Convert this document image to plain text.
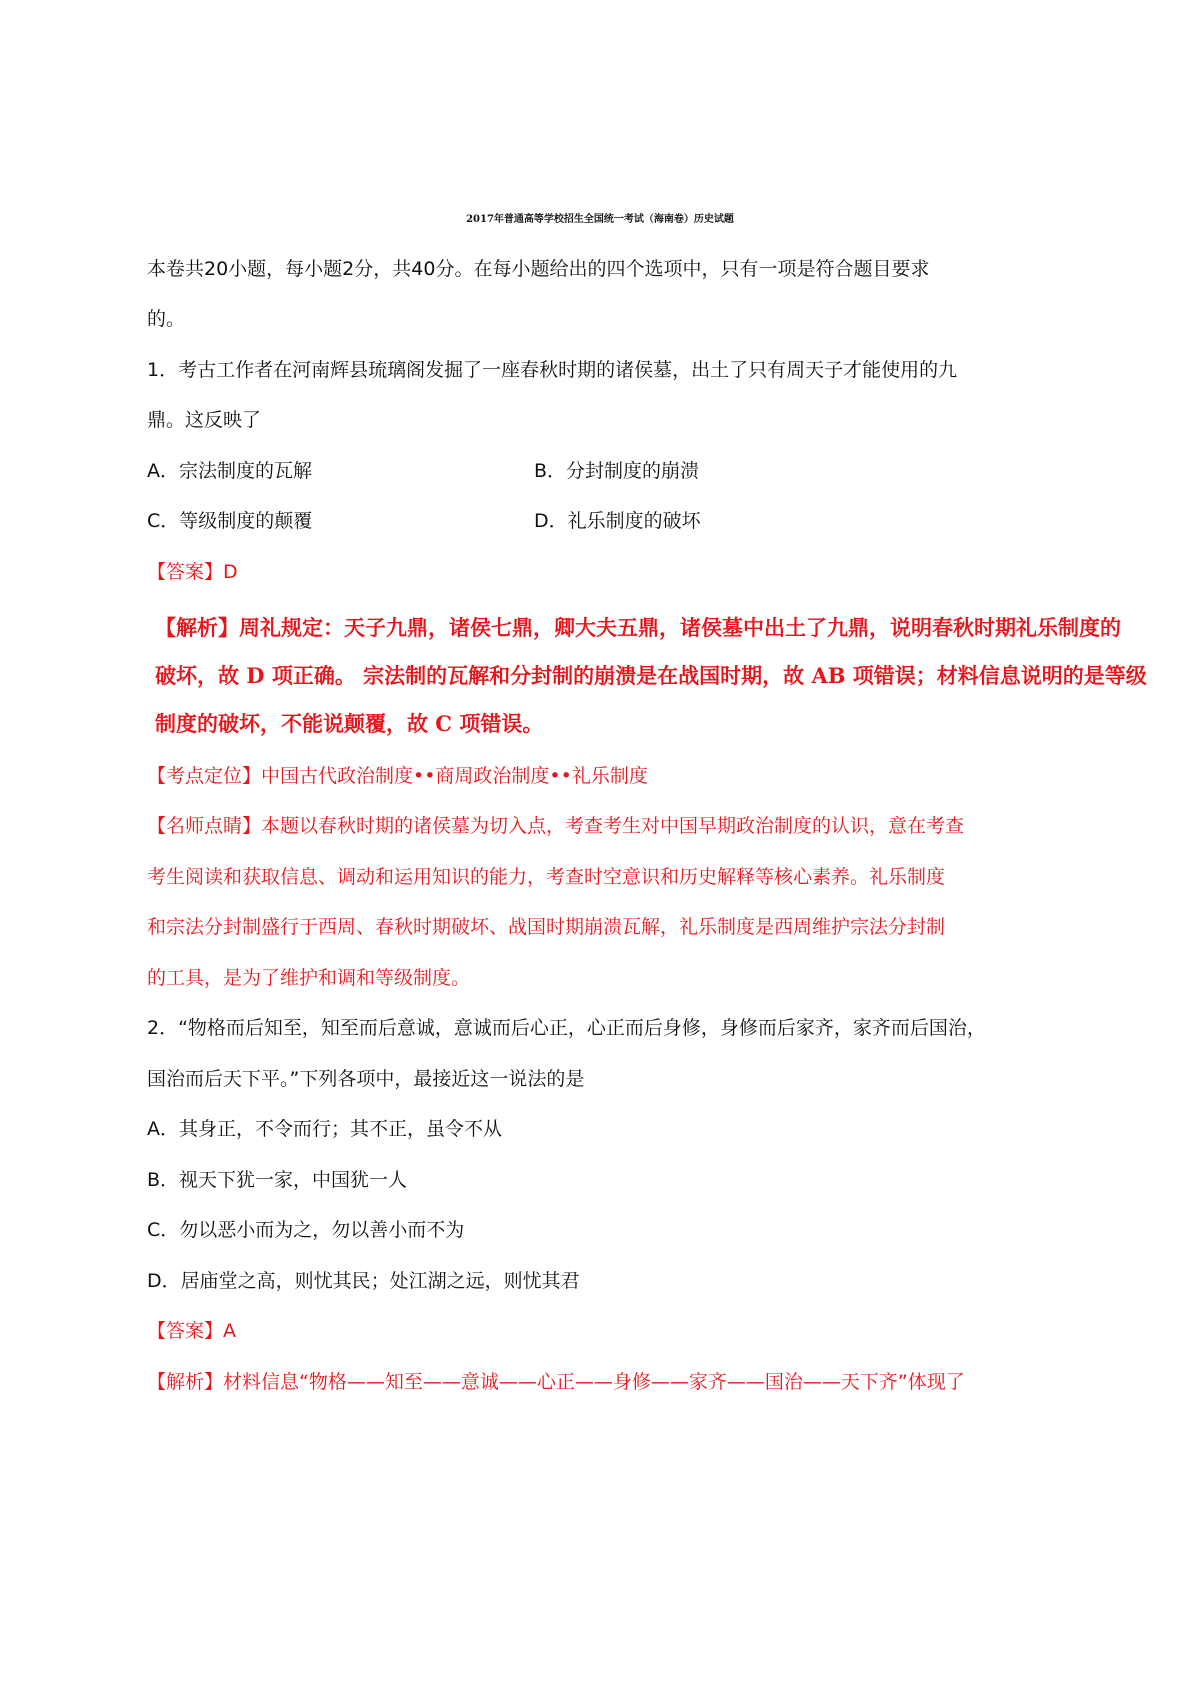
2017年普通高等学校招生全国统一考试（海南卷）历史试题
本卷共20小题，每小题2分，共40分。在每小题给出的四个选项中，只有一项是符合题目要求
的。
1．考古工作者在河南辉县琉璃阁发掘了一座春秋时期的诸侯墓，出土了只有周天子才能使用的九
鼎。这反映了
A．宗法制度的瓦解	B．分封制度的崩溃
C．等级制度的颠覆	D．礼乐制度的破坏
【答案】D
【解析】周礼规定：天子九鼎，诸侯七鼎，卿大夫五鼎，诸侯墓中出土了九鼎，说明春秋时期礼乐制度的
破坏，故 D 项正确。 宗法制的瓦解和分封制的崩溃是在战国时期，故 AB 项错误；材料信息说明的是等级
制度的破坏，不能说颠覆，故 C 项错误。
【考点定位】中国古代政治制度••商周政治制度••礼乐制度
【名师点睛】本题以春秋时期的诸侯墓为切入点，考查考生对中国早期政治制度的认识，意在考查
考生阅读和获取信息、调动和运用知识的能力，考查时空意识和历史解释等核心素养。礼乐制度
和宗法分封制盛行于西周、春秋时期破坏、战国时期崩溃瓦解，礼乐制度是西周维护宗法分封制
的工具，是为了维护和调和等级制度。
2．“物格而后知至，知至而后意诚，意诚而后心正，心正而后身修，身修而后家齐，家齐而后国治，
国治而后天下平。”下列各项中，最接近这一说法的是
A．其身正，不令而行；其不正，虽令不从
B．视天下犹一家，中国犹一人
C．勿以恶小而为之，勿以善小而不为
D．居庙堂之高，则忧其民；处江湖之远，则忧其君
【答案】A
【解析】材料信息“物格——知至——意诚——心正——身修——家齐——国治——天下齐”体现了
